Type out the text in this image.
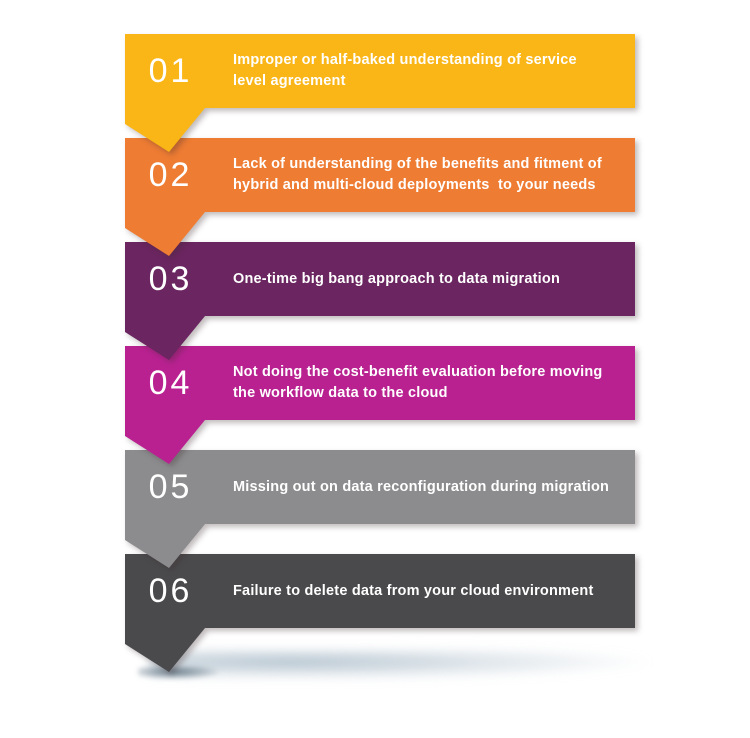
01	Improper or half-baked understanding of service
level agreement
02	Lack of understanding of the benefits and fitment of
hybrid and multi-cloud deployments  to your needs
03	One-time big bang approach to data migration
04	Not doing the cost-benefit evaluation before moving
the workflow data to the cloud
05	Missing out on data reconfiguration during migration
06	Failure to delete data from your cloud environment
